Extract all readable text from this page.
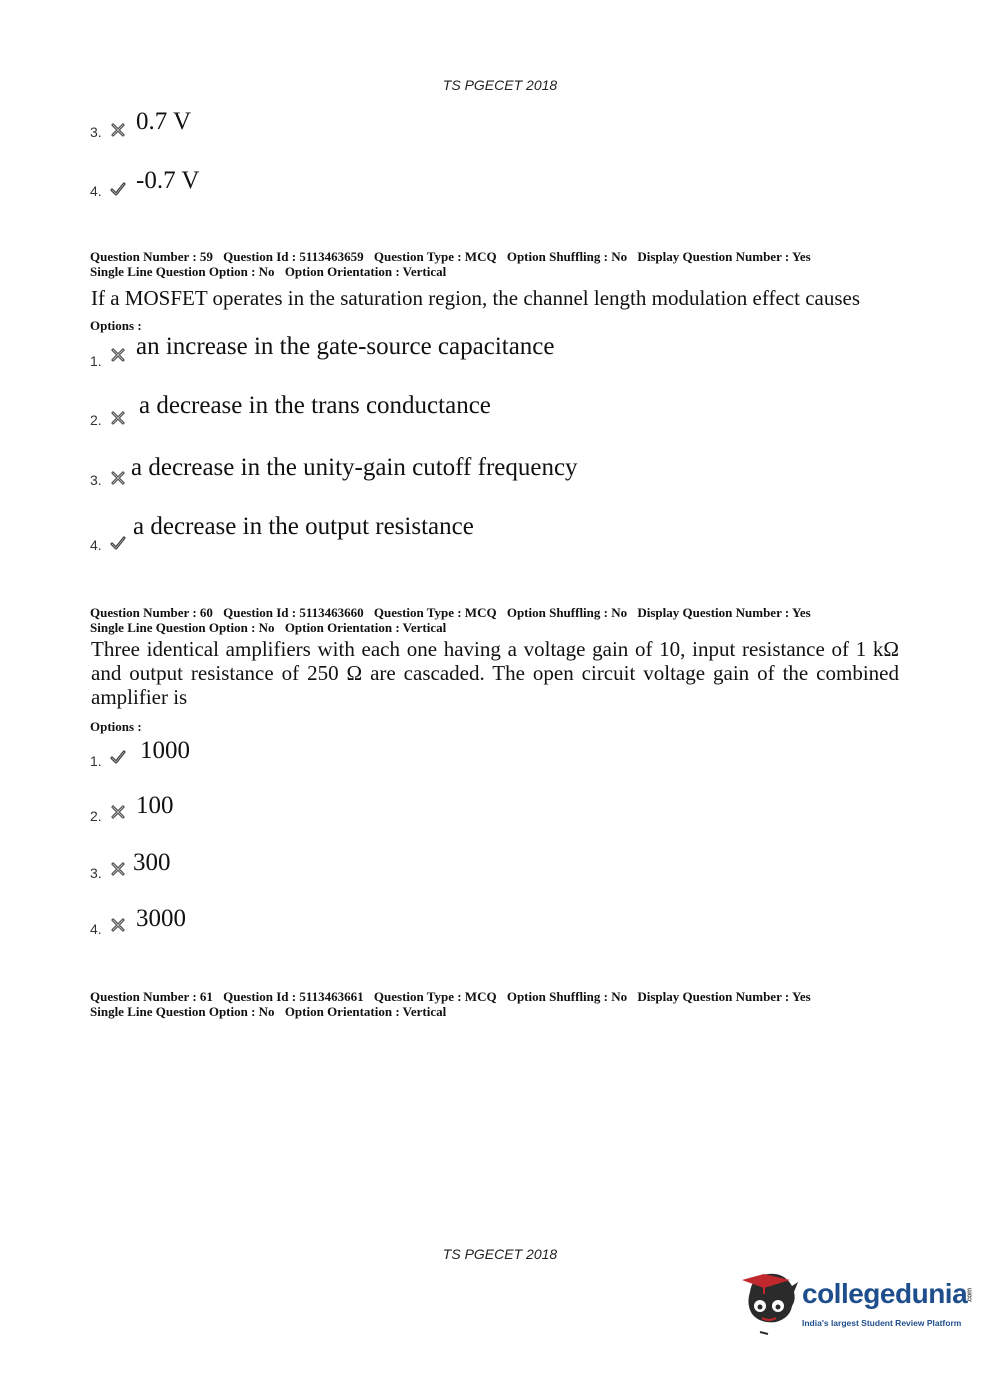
TS PGECET 2018
3. 0.7 V
4. -0.7 V
Question Number : 59 Question Id : 5113463659 Question Type : MCQ Option Shuffling : No Display Question Number : Yes
Single Line Question Option : No Option Orientation : Vertical
If a MOSFET operates in the saturation region, the channel length modulation effect causes
Options :
1.
an increase in the gate-source capacitance
2.
a decrease in the trans conductance
3. a decrease in the unity-gain cutoff frequency
4.
a decrease in the output resistance
Question Number : 60 Question Id : 5113463660 Question Type : MCQ Option Shuffling : No Display Question Number : Yes
Single Line Question Option : No Option Orientation : Vertical
Three identical amplifiers with each one having a voltage gain of 10, input resistance of 1 kΩ
and output resistance of 250 Ω are cascaded. The open circuit voltage gain of the combined
amplifier is
Options :
1. 1000
2. 100
3. 300
4. 3000
Question Number : 61 Question Id : 5113463661 Question Type : MCQ Option Shuffling : No Display Question Number : Yes
Single Line Question Option : No Option Orientation : Vertical
TS PGECET 2018
collegedunia.com
India's largest Student Review Platform
